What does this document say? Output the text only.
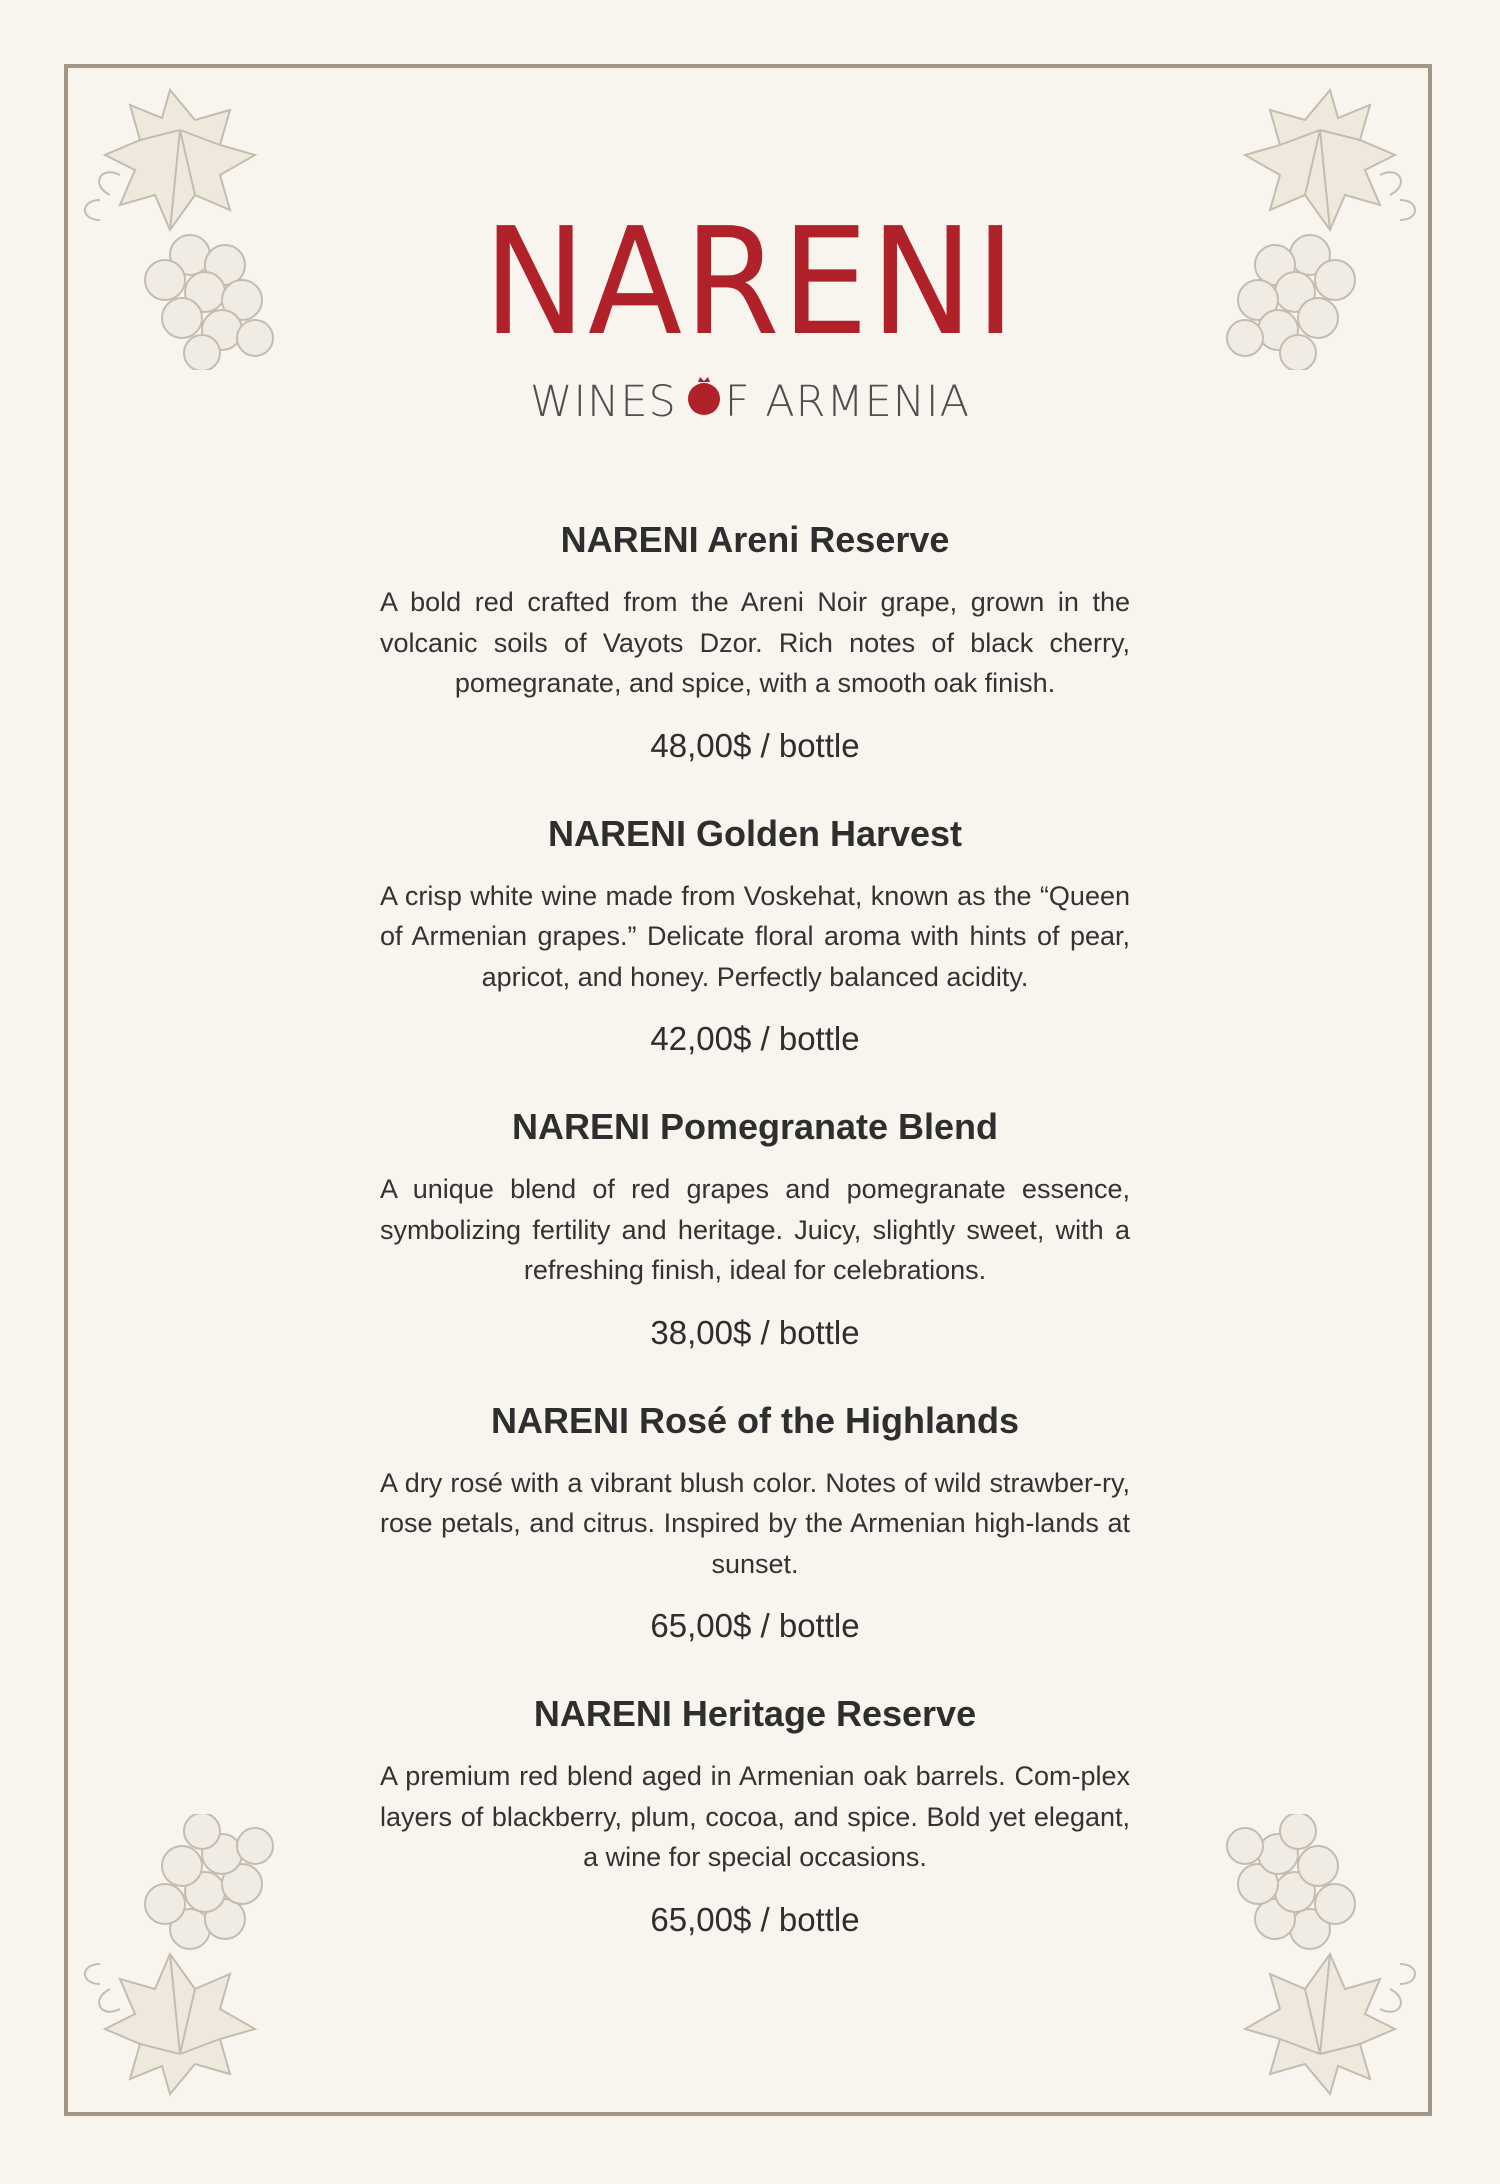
NARENI
WINES F ARMENIA
NARENI Areni Reserve
A bold red crafted from the Areni Noir grape, grown in the volcanic soils of Vayots Dzor. Rich notes of black cherry, pomegranate, and spice, with a smooth oak finish.
48,00$ / bottle
NARENI Golden Harvest
A crisp white wine made from Voskehat, known as the “Queen of Armenian grapes.” Delicate floral aroma with hints of pear, apricot, and honey. Perfectly balanced acidity.
42,00$ / bottle
NARENI Pomegranate Blend
A unique blend of red grapes and pomegranate essence, symbolizing fertility and heritage. Juicy, slightly sweet, with a refreshing finish, ideal for celebrations.
38,00$ / bottle
NARENI Rosé of the Highlands
A dry rosé with a vibrant blush color. Notes of wild strawber-ry, rose petals, and citrus. Inspired by the Armenian high-lands at sunset.
65,00$ / bottle
NARENI Heritage Reserve
A premium red blend aged in Armenian oak barrels. Com-plex layers of blackberry, plum, cocoa, and spice. Bold yet elegant, a wine for special occasions.
65,00$ / bottle
